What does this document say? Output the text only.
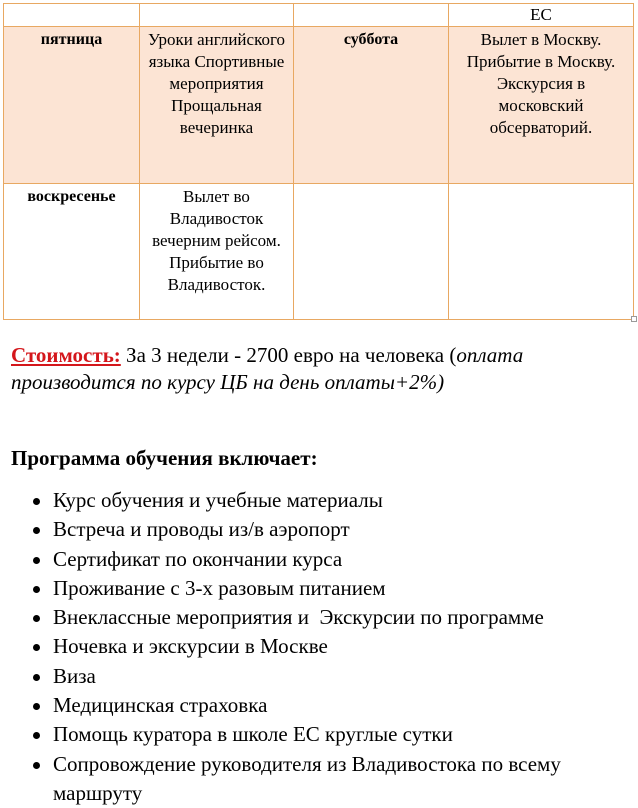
			ЕС
пятница	Уроки английского языка Спортивные мероприятия Прощальная вечеринка	суббота	Вылет в Москву. Прибытие в Москву. Экскурсия в московский обсерваторий.
воскресенье	Вылет во Владивосток вечерним рейсом. Прибытие во Владивосток.		
Стоимость: За 3 недели - 2700 евро на человека (оплата производится по курсу ЦБ на день оплаты+2%)
Программа обучения включает:
Курс обучения и учебные материалы
Встреча и проводы из/в аэропорт
Сертификат по окончании курса
Проживание с 3-х разовым питанием
Внеклассные мероприятия и  Экскурсии по программе
Ночевка и экскурсии в Москве
Виза
Медицинская страховка
Помощь куратора в школе ЕС круглые сутки
Сопровождение руководителя из Владивостока по всему маршруту
